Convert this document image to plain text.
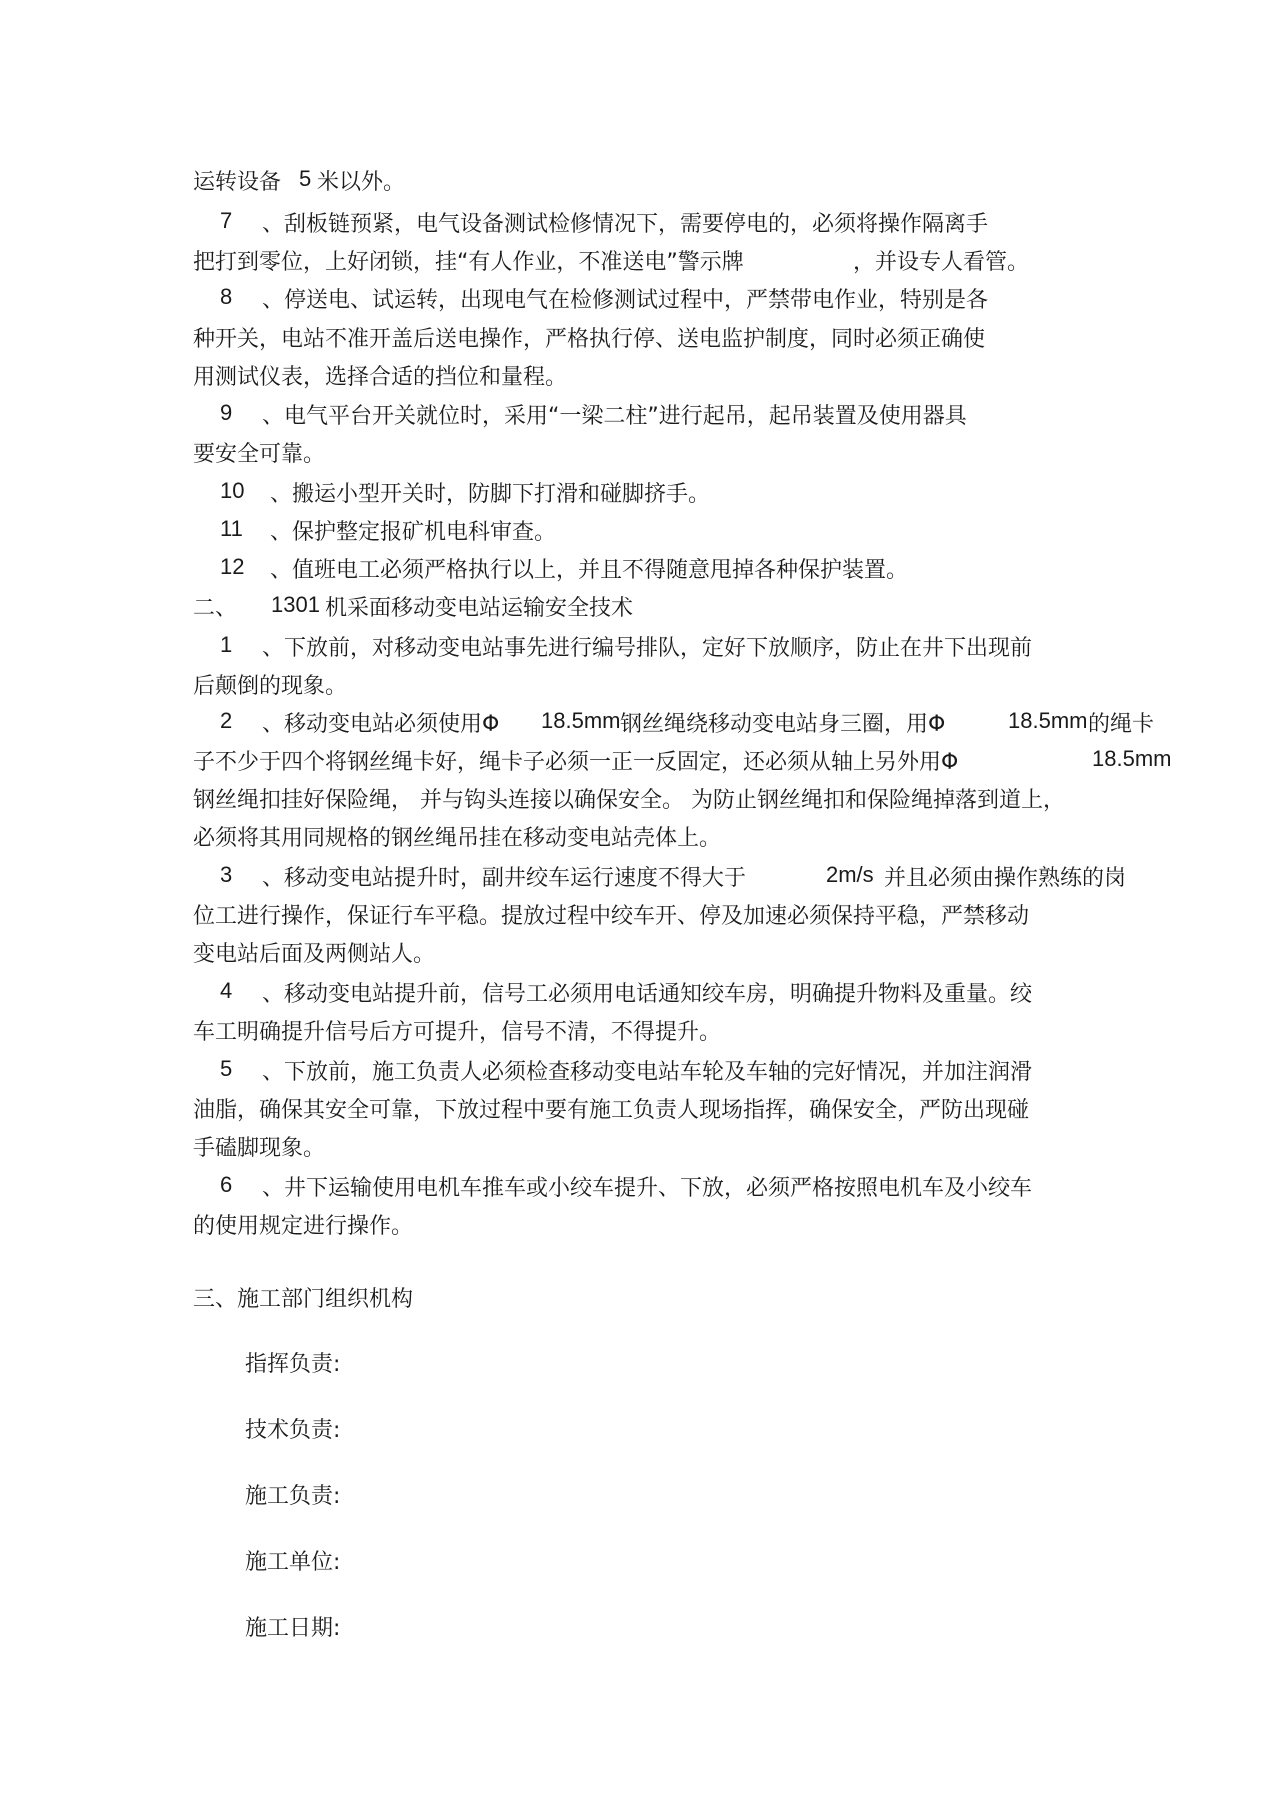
运转设备 5 米以外。
7 、刮板链预紧，电气设备测试检修情况下，需要停电的，必须将操作隔离手
把打到零位，上好闭锁，挂“有人作业，不准送电”警示牌	，并设专人看管。
8 、停送电、试运转，出现电气在检修测试过程中，严禁带电作业，特别是各
种开关，电站不准开盖后送电操作，严格执行停、送电监护制度，同时必须正确使
用测试仪表，选择合适的挡位和量程。
9 、电气平台开关就位时，采用“一梁二柱”进行起吊，起吊装置及使用器具
要安全可靠。
10 、搬运小型开关时，防脚下打滑和碰脚挤手。
11 、保护整定报矿机电科审查。
12 、值班电工必须严格执行以上，并且不得随意甩掉各种保护装置。
二、 1301 机采面移动变电站运输安全技术
1 、下放前，对移动变电站事先进行编号排队，定好下放顺序，防止在井下出现前
后颠倒的现象。
2 、移动变电站必须使用Φ 18.5mm 钢丝绳绕移动变电站身三圈，用Φ	18.5mm 的绳卡
子不少于四个将钢丝绳卡好，绳卡子必须一正一反固定，还必须从轴上另外用Φ	18.5mm
钢丝绳扣挂好保险绳， 并与钩头连接以确保安全。 为防止钢丝绳扣和保险绳掉落到道上，
必须将其用同规格的钢丝绳吊挂在移动变电站壳体上。
3 、移动变电站提升时，副井绞车运行速度不得大于	2m/s 并且必须由操作熟练的岗
位工进行操作，保证行车平稳。提放过程中绞车开、停及加速必须保持平稳，严禁移动
变电站后面及两侧站人。
4 、移动变电站提升前，信号工必须用电话通知绞车房，明确提升物料及重量。绞
车工明确提升信号后方可提升，信号不清，不得提升。
5 、下放前，施工负责人必须检查移动变电站车轮及车轴的完好情况，并加注润滑
油脂，确保其安全可靠，下放过程中要有施工负责人现场指挥，确保安全，严防出现碰
手磕脚现象。
6 、井下运输使用电机车推车或小绞车提升、下放，必须严格按照电机车及小绞车
的使用规定进行操作。
三、施工部门组织机构
指挥负责:
技术负责:
施工负责:
施工单位:
施工日期:
